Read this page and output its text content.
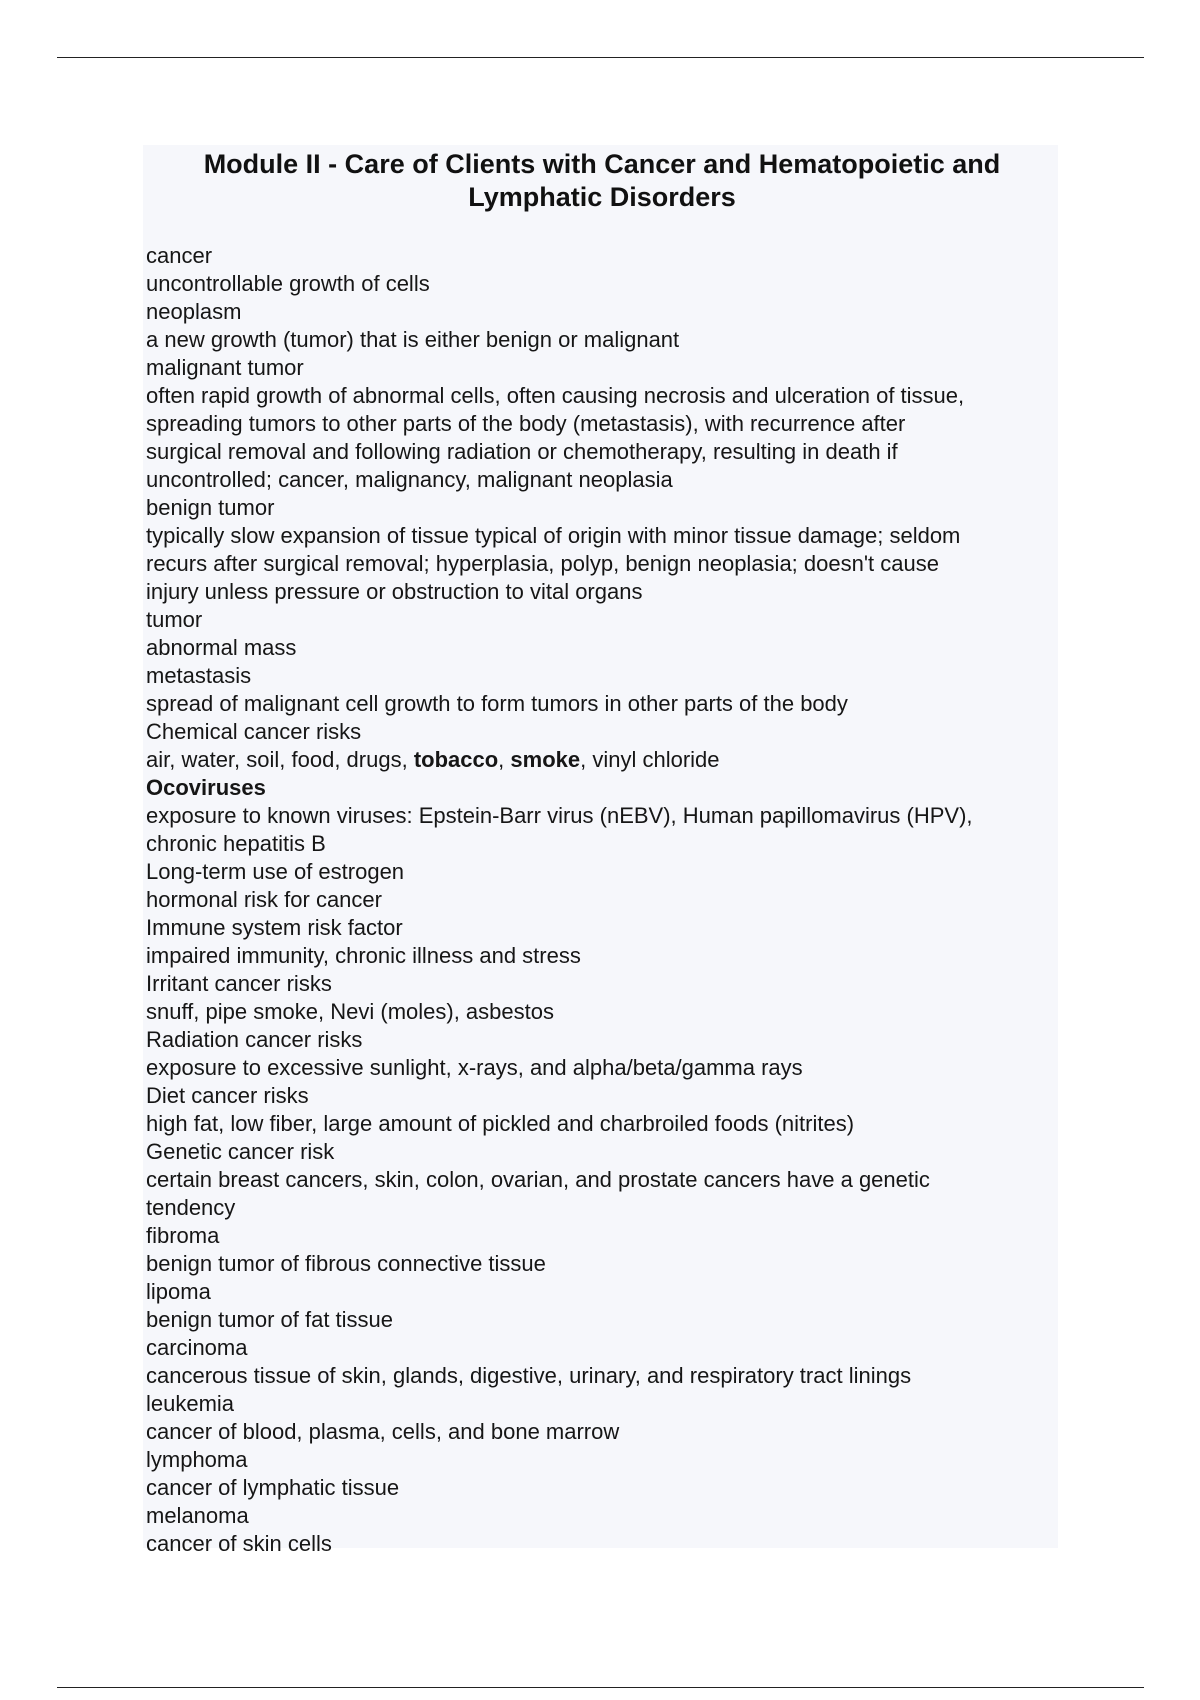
Module II - Care of Clients with Cancer and Hematopoietic and
Lymphatic Disorders
cancer
uncontrollable growth of cells
neoplasm
a new growth (tumor) that is either benign or malignant
malignant tumor
often rapid growth of abnormal cells, often causing necrosis and ulceration of tissue,
spreading tumors to other parts of the body (metastasis), with recurrence after
surgical removal and following radiation or chemotherapy, resulting in death if
uncontrolled; cancer, malignancy, malignant neoplasia
benign tumor
typically slow expansion of tissue typical of origin with minor tissue damage; seldom
recurs after surgical removal; hyperplasia, polyp, benign neoplasia; doesn't cause
injury unless pressure or obstruction to vital organs
tumor
abnormal mass
metastasis
spread of malignant cell growth to form tumors in other parts of the body
Chemical cancer risks
air, water, soil, food, drugs, tobacco, smoke, vinyl chloride
Ocoviruses
exposure to known viruses: Epstein-Barr virus (nEBV), Human papillomavirus (HPV),
chronic hepatitis B
Long-term use of estrogen
hormonal risk for cancer
Immune system risk factor
impaired immunity, chronic illness and stress
Irritant cancer risks
snuff, pipe smoke, Nevi (moles), asbestos
Radiation cancer risks
exposure to excessive sunlight, x-rays, and alpha/beta/gamma rays
Diet cancer risks
high fat, low fiber, large amount of pickled and charbroiled foods (nitrites)
Genetic cancer risk
certain breast cancers, skin, colon, ovarian, and prostate cancers have a genetic
tendency
fibroma
benign tumor of fibrous connective tissue
lipoma
benign tumor of fat tissue
carcinoma
cancerous tissue of skin, glands, digestive, urinary, and respiratory tract linings
leukemia
cancer of blood, plasma, cells, and bone marrow
lymphoma
cancer of lymphatic tissue
melanoma
cancer of skin cells
